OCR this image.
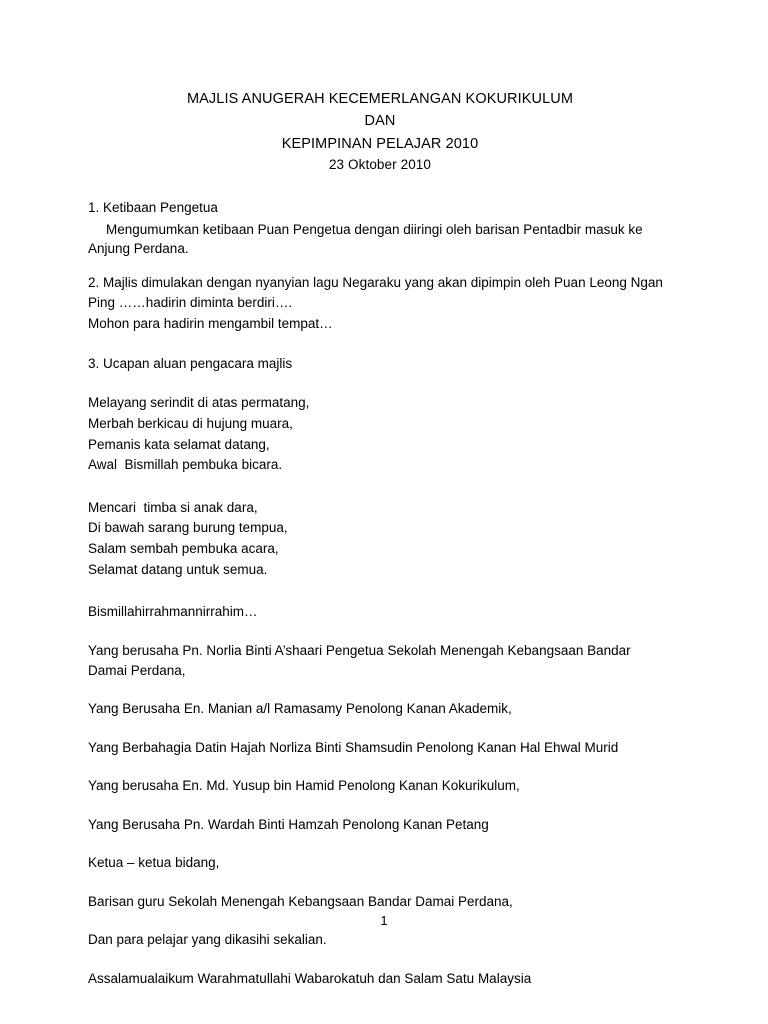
MAJLIS ANUGERAH KECEMERLANGAN KOKURIKULUM
DAN
KEPIMPINAN PELAJAR 2010
23 Oktober 2010
1. Ketibaan Pengetua
Mengumumkan ketibaan Puan Pengetua dengan diiringi oleh barisan Pentadbir masuk ke Anjung Perdana.
2. Majlis dimulakan dengan nyanyian lagu Negaraku yang akan dipimpin oleh Puan Leong Ngan Ping ……hadirin diminta berdiri….
Mohon para hadirin mengambil tempat…
3. Ucapan aluan pengacara majlis
Melayang serindit di atas permatang,
Merbah berkicau di hujung muara,
Pemanis kata selamat datang,
Awal  Bismillah pembuka bicara.
Mencari  timba si anak dara,
Di bawah sarang burung tempua,
Salam sembah pembuka acara,
Selamat datang untuk semua.
Bismillahirrahmannirrahim…
Yang berusaha Pn. Norlia Binti A’shaari Pengetua Sekolah Menengah Kebangsaan Bandar Damai Perdana,
Yang Berusaha En. Manian a/l Ramasamy Penolong Kanan Akademik,
Yang Berbahagia Datin Hajah Norliza Binti Shamsudin Penolong Kanan Hal Ehwal Murid
Yang berusaha En. Md. Yusup bin Hamid Penolong Kanan Kokurikulum,
Yang Berusaha Pn. Wardah Binti Hamzah Penolong Kanan Petang
Ketua – ketua bidang,
Barisan guru Sekolah Menengah Kebangsaan Bandar Damai Perdana,
Dan para pelajar yang dikasihi sekalian.
Assalamualaikum Warahmatullahi Wabarokatuh dan Salam Satu Malaysia
1
